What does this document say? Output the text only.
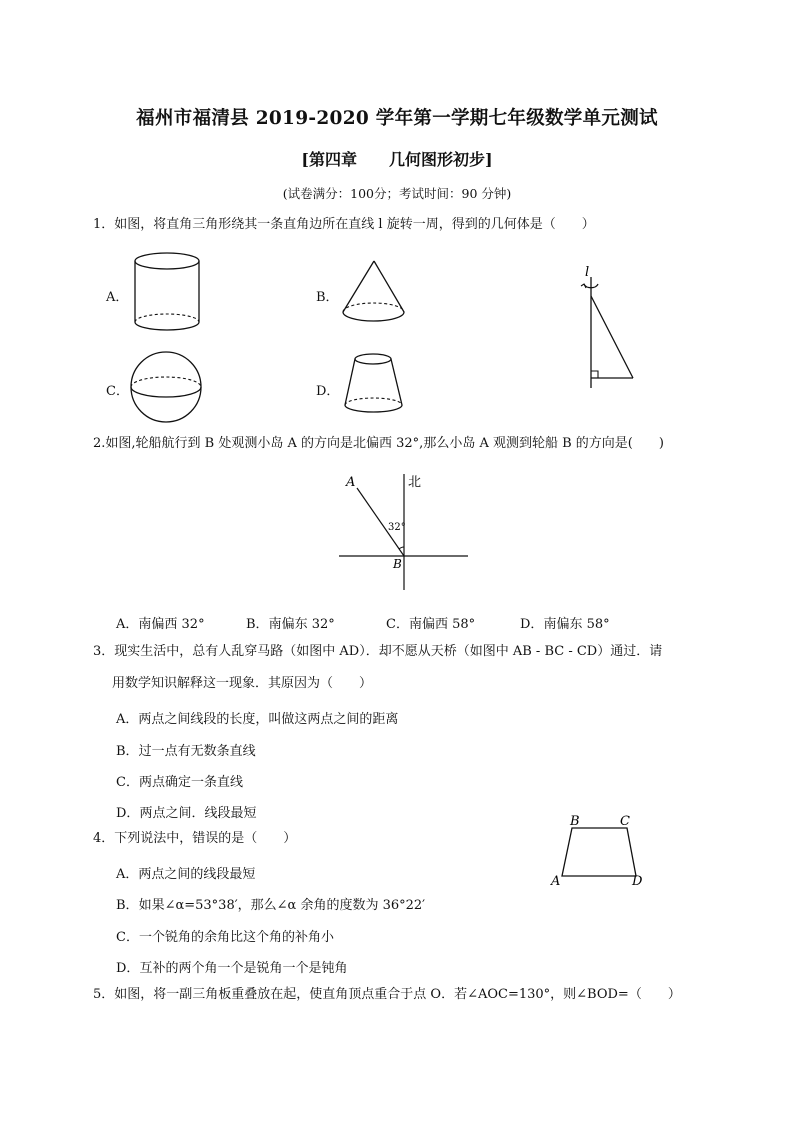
福州市福清县 2019-2020 学年第一学期七年级数学单元测试
[第四章　　几何图形初步]
(试卷满分：100分；考试时间：90 分钟)
1．如图，将直角三角形绕其一条直角边所在直线 l 旋转一周，得到的几何体是（　　）
A．	B．
C．	D．
l
2.如图,轮船航行到 B 处观测小岛 A 的方向是北偏西 32°,那么小岛 A 观测到轮船 B 的方向是(　　)
北
A
B
32°
A．南偏西 32°	B．南偏东 32°	C．南偏西 58°	D．南偏东 58°
3．现实生活中，总有人乱穿马路（如图中 AD）．却不愿从天桥（如图中 AB - BC - CD）通过．请
用数学知识解释这一现象．其原因为（　　）
A．两点之间线段的长度，叫做这两点之间的距离
B．过一点有无数条直线
C．两点确定一条直线
D．两点之间．线段最短
B	C
A	D
4．下列说法中，错误的是（　　）
A．两点之间的线段最短
B．如果∠α=53°38′，那么∠α 余角的度数为 36°22′
C．一个锐角的余角比这个角的补角小
D．互补的两个角一个是锐角一个是钝角
5．如图，将一副三角板重叠放在起，使直角顶点重合于点 O．若∠AOC=130°，则∠BOD=（　　）
